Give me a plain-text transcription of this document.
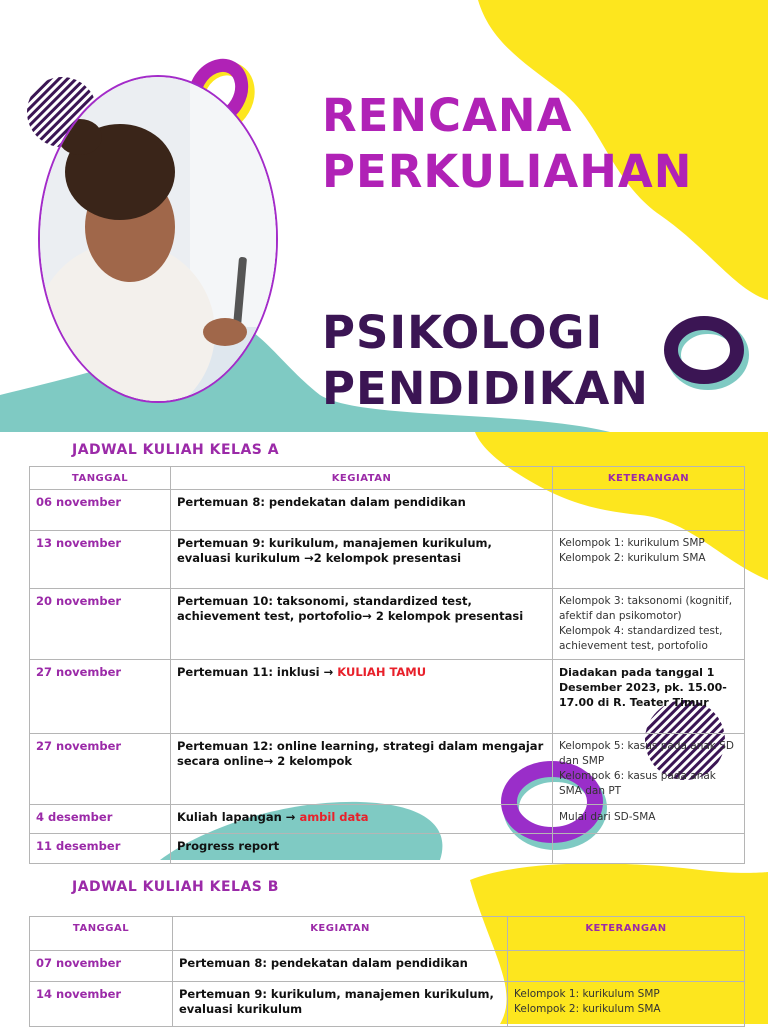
RENCANA
PERKULIAHAN
PSIKOLOGI
PENDIDIKAN
JADWAL KULIAH KELAS A
TANGGAL	KEGIATAN	KETERANGAN
06 november	Pertemuan 8: pendekatan dalam pendidikan	
13 november	Pertemuan 9: kurikulum, manajemen kurikulum, evaluasi kurikulum →2 kelompok presentasi	Kelompok 1: kurikulum SMP
Kelompok 2: kurikulum SMA

20 november	Pertemuan 10: taksonomi, standardized test, achievement test, portofolio→ 2 kelompok presentasi	Kelompok 3: taksonomi (kognitif, afektif dan psikomotor)
Kelompok 4: standardized test, achievement test, portofolio

27 november	Pertemuan 11: inklusi → KULIAH TAMU	Diadakan pada tanggal 1 Desember 2023, pk. 15.00-17.00 di R. Teater Timur

27 november	Pertemuan 12: online learning, strategi dalam mengajar secara online→ 2 kelompok	Kelompok 5: kasus pada anak SD dan SMP
Kelompok 6: kasus pada anak SMA dan PT

4 desember	Kuliah lapangan → ambil data	Mulai dari SD-SMA

11 desember	Progress report	
JADWAL KULIAH KELAS B
TANGGAL	KEGIATAN	KETERANGAN
07 november	Pertemuan 8: pendekatan dalam pendidikan	
14 november	Pertemuan 9: kurikulum, manajemen kurikulum, evaluasi kurikulum	Kelompok 1: kurikulum SMP
Kelompok 2: kurikulum SMA
